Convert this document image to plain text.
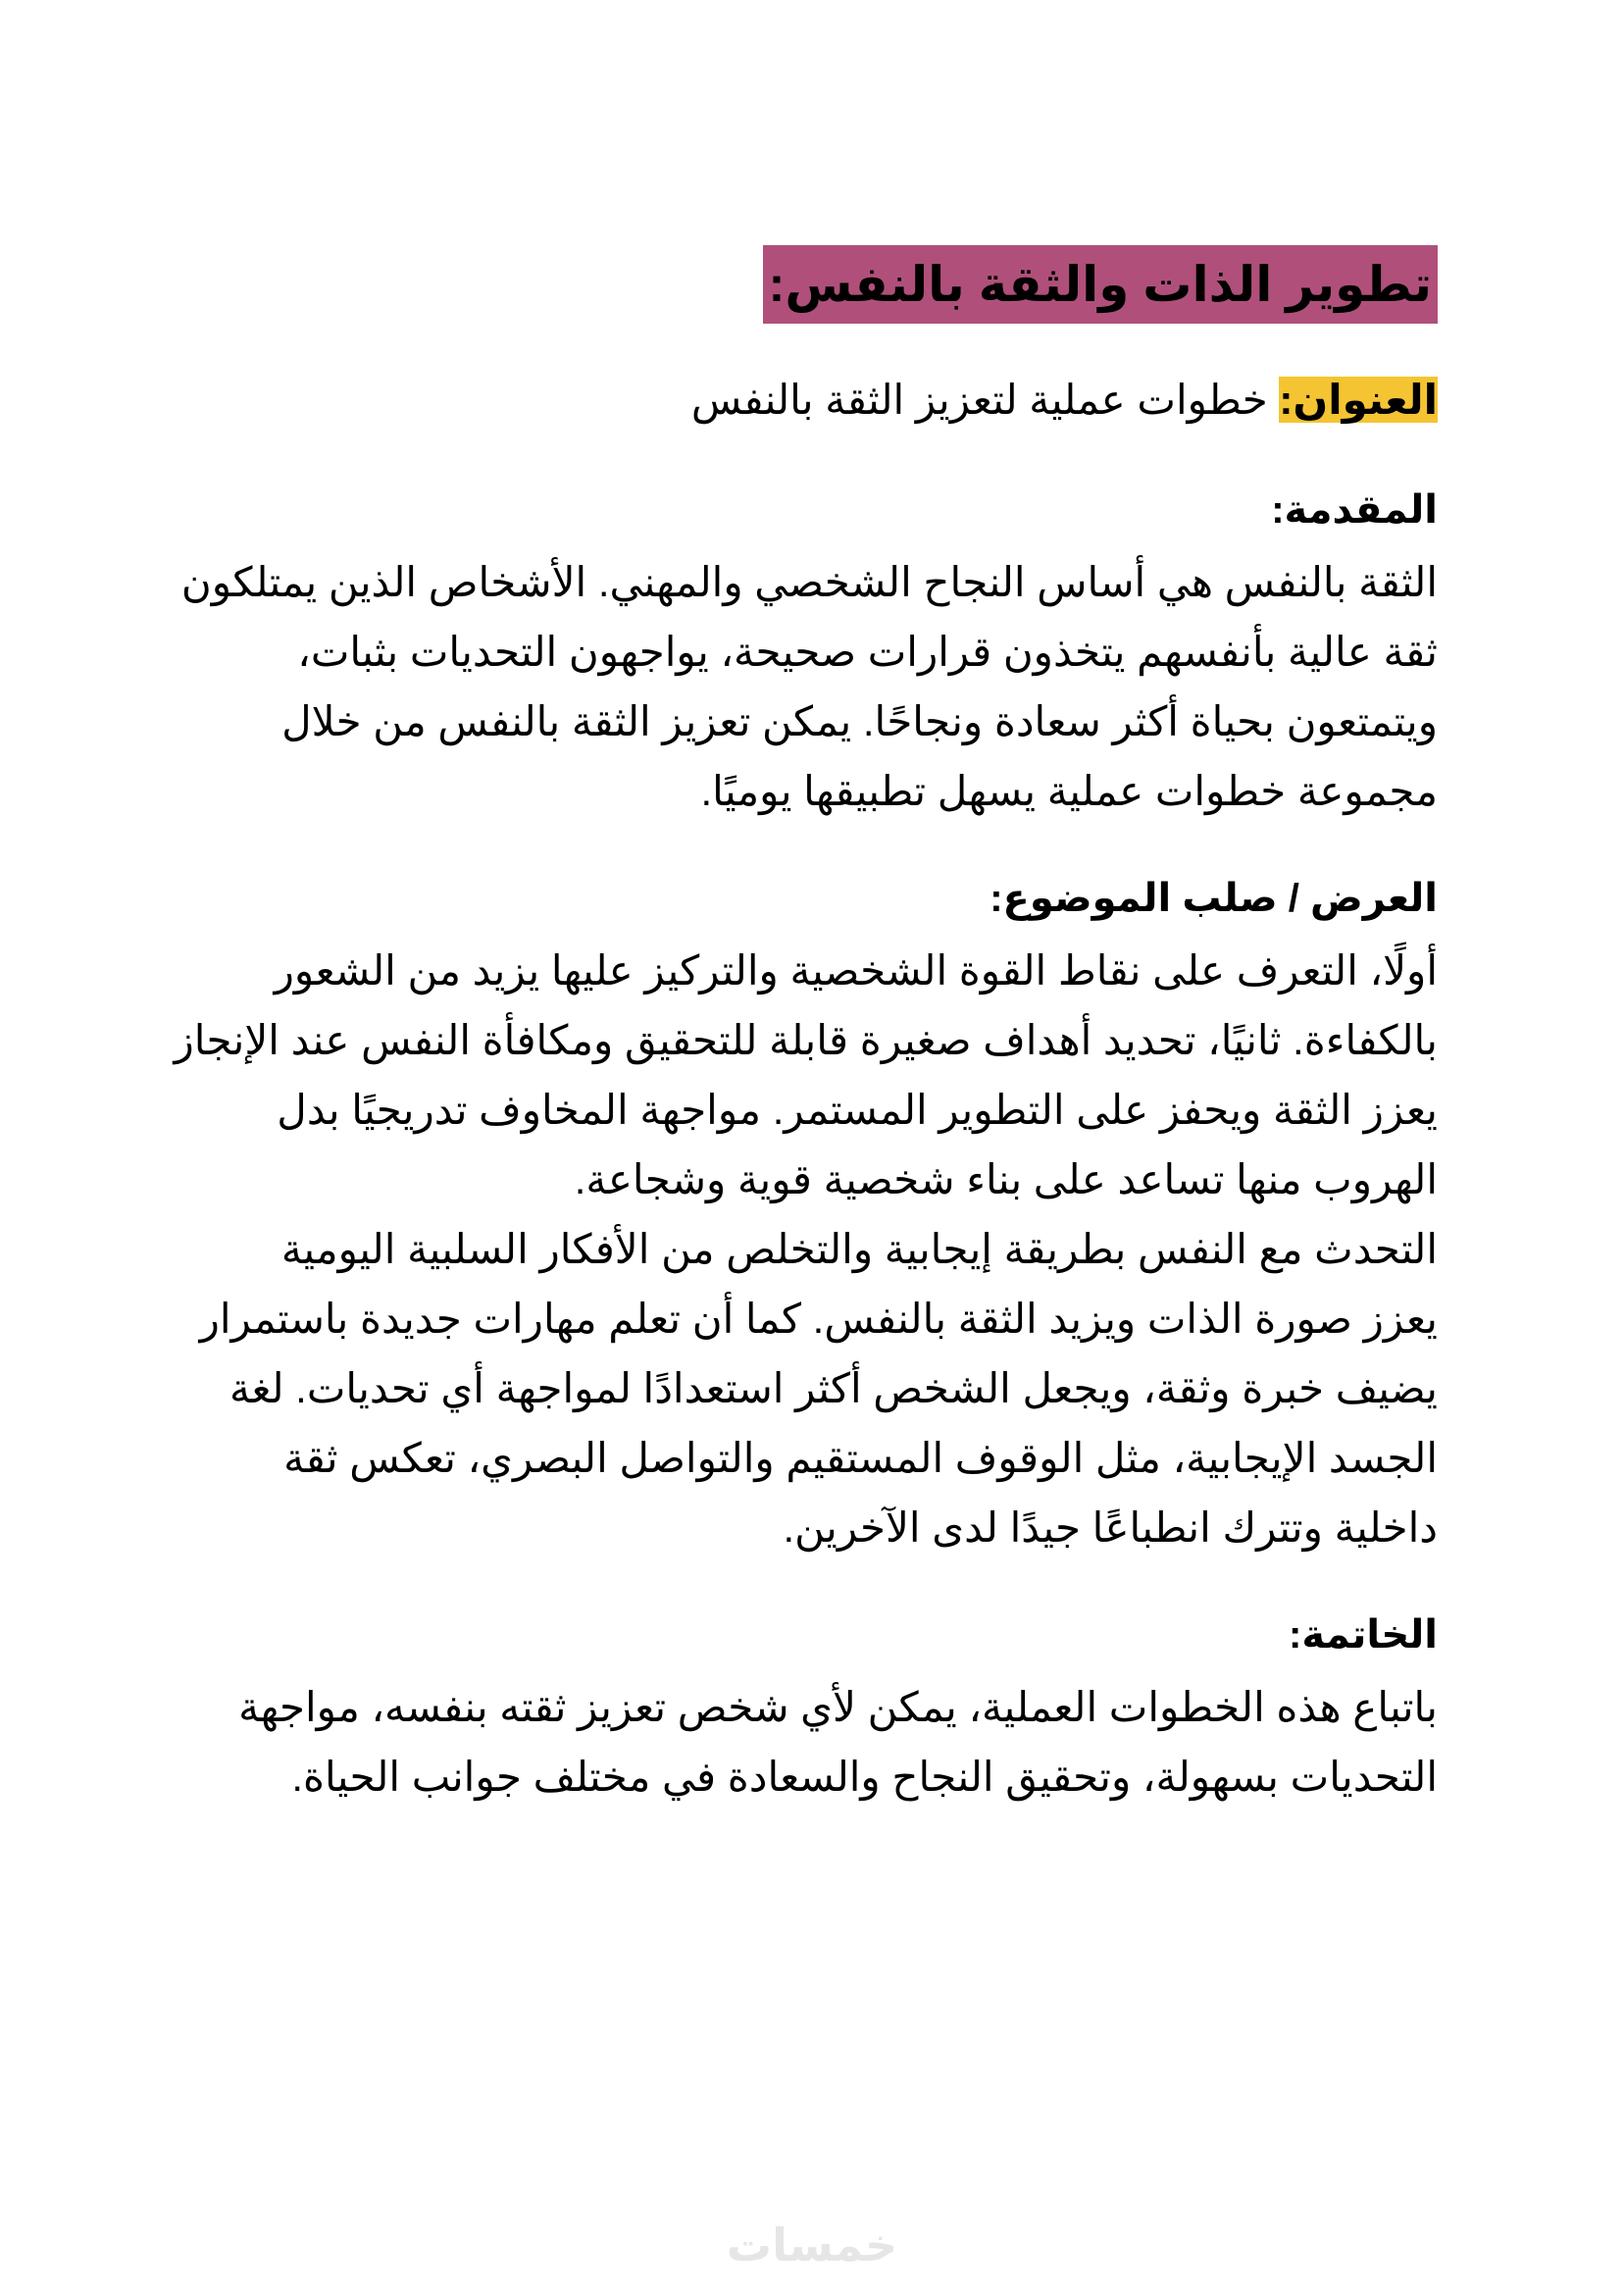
تطوير الذات والثقة بالنفس:

العنوان: خطوات عملية لتعزيز الثقة بالنفس

المقدمة:

الثقة بالنفس هي أساس النجاح الشخصي والمهني. الأشخاص الذين يمتلكون
ثقة عالية بأنفسهم يتخذون قرارات صحيحة، يواجهون التحديات بثبات،
ويتمتعون بحياة أكثر سعادة ونجاحًا. يمكن تعزيز الثقة بالنفس من خلال
مجموعة خطوات عملية يسهل تطبيقها يوميًا.

العرض / صلب الموضوع:

أولًا، التعرف على نقاط القوة الشخصية والتركيز عليها يزيد من الشعور
بالكفاءة. ثانيًا، تحديد أهداف صغيرة قابلة للتحقيق ومكافأة النفس عند الإنجاز
يعزز الثقة ويحفز على التطوير المستمر. مواجهة المخاوف تدريجيًا بدل
الهروب منها تساعد على بناء شخصية قوية وشجاعة.
التحدث مع النفس بطريقة إيجابية والتخلص من الأفكار السلبية اليومية
يعزز صورة الذات ويزيد الثقة بالنفس. كما أن تعلم مهارات جديدة باستمرار
يضيف خبرة وثقة، ويجعل الشخص أكثر استعدادًا لمواجهة أي تحديات. لغة
الجسد الإيجابية، مثل الوقوف المستقيم والتواصل البصري، تعكس ثقة
داخلية وتترك انطباعًا جيدًا لدى الآخرين.

الخاتمة:

باتباع هذه الخطوات العملية، يمكن لأي شخص تعزيز ثقته بنفسه، مواجهة
التحديات بسهولة، وتحقيق النجاح والسعادة في مختلف جوانب الحياة.
خمسات
